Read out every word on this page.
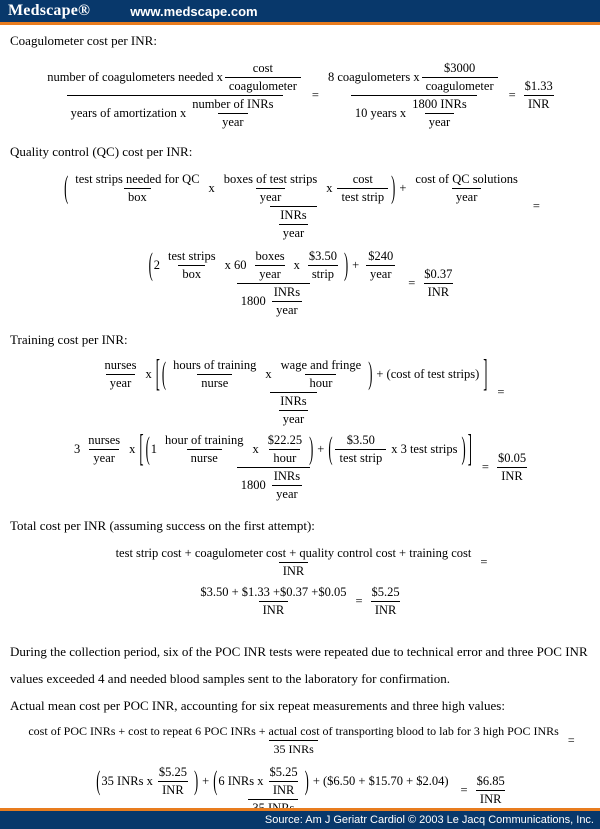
Medscape®	www.medscape.com

Coagulometer cost per INR:

number of coagulometers needed x $\frac{\cos t}{\text{coagulometer}}$
years of amortization x $\frac{\text{number of INRs}}{\text{year}}$
=
8 coagulometers x $\frac{\$3000}{\text{coagulometer}}$
10 years x $\frac{\text{1800 INRs}}{\text{year}}$
= $\frac{\$1.33}{\text{INR}}$

Quality control (QC) cost per INR:

( $\frac{\text{test strips needed for QC}}{\text{box}}$ x $\frac{\text{boxes of test strips}}{\text{year}}$ x $\frac{\cos t}{\text{test strip}}$ ) + $\frac{\text{cost of QC solutions}}{\text{year}}$
$\frac{\text{INRs}}{\text{year}}$
=
( $2 \frac{\text{test strips}}{\text{box}}$ x $60 \frac{\text{boxes}}{\text{year}}$ x $\frac{\$3.50}{\text{strip}}$ ) + $\frac{\$240}{\text{year}}$
$1800 \frac{\text{INRs}}{\text{year}}$
= $\frac{\$0.37}{\text{INR}}$

Training cost per INR:

$\frac{\text{nurses}}{\text{year}}$ x [ ( $\frac{\text{hours of training}}{\text{nurse}}$ x $\frac{\text{wage and fringe}}{\text{hour}}$ ) + (cost of test strips) ]
$\frac{\text{INRs}}{\text{year}}$
=
$3 \frac{\text{nurses}}{\text{year}}$ x [ ( $1 \frac{\text{hour of training}}{\text{nurse}}$ x $\frac{\$22.25}{\text{hour}}$ ) + ( $\frac{\$3.50}{\text{test strip}}$ x 3 test strips ) ]
$1800 \frac{\text{INRs}}{\text{year}}$
= $\frac{\$0.05}{\text{INR}}$

Total cost per INR (assuming success on the first attempt):

test strip cost + coagulometer cost + quality control cost + training cost
INR
=
$\frac{\$3.50 + \$1.33 +\$0.37 +\$0.05}{\text{INR}} = \frac{\$5.25}{\text{INR}}$

During the collection period, six of the POC INR tests were repeated due to technical error and three POC INR values exceeded 4 and needed blood samples sent to the laboratory for confirmation.

Actual mean cost per POC INR, accounting for six repeat measurements and three high values:

cost of POC INRs + cost to repeat 6 POC INRs + actual cost of transporting blood to lab for 3 high POC INRs
35 INRs
=
( 35 INRs x $\frac{\$5.25}{\text{INR}}$ ) + ( 6 INRs x $\frac{\$5.25}{\text{INR}}$ ) + ($6.50 + $15.70 + $2.04)
= $\frac{\$6.85}{\text{INR}}$
Source: Am J Geriatr Cardiol © 2003 Le Jacq Communications, Inc.
